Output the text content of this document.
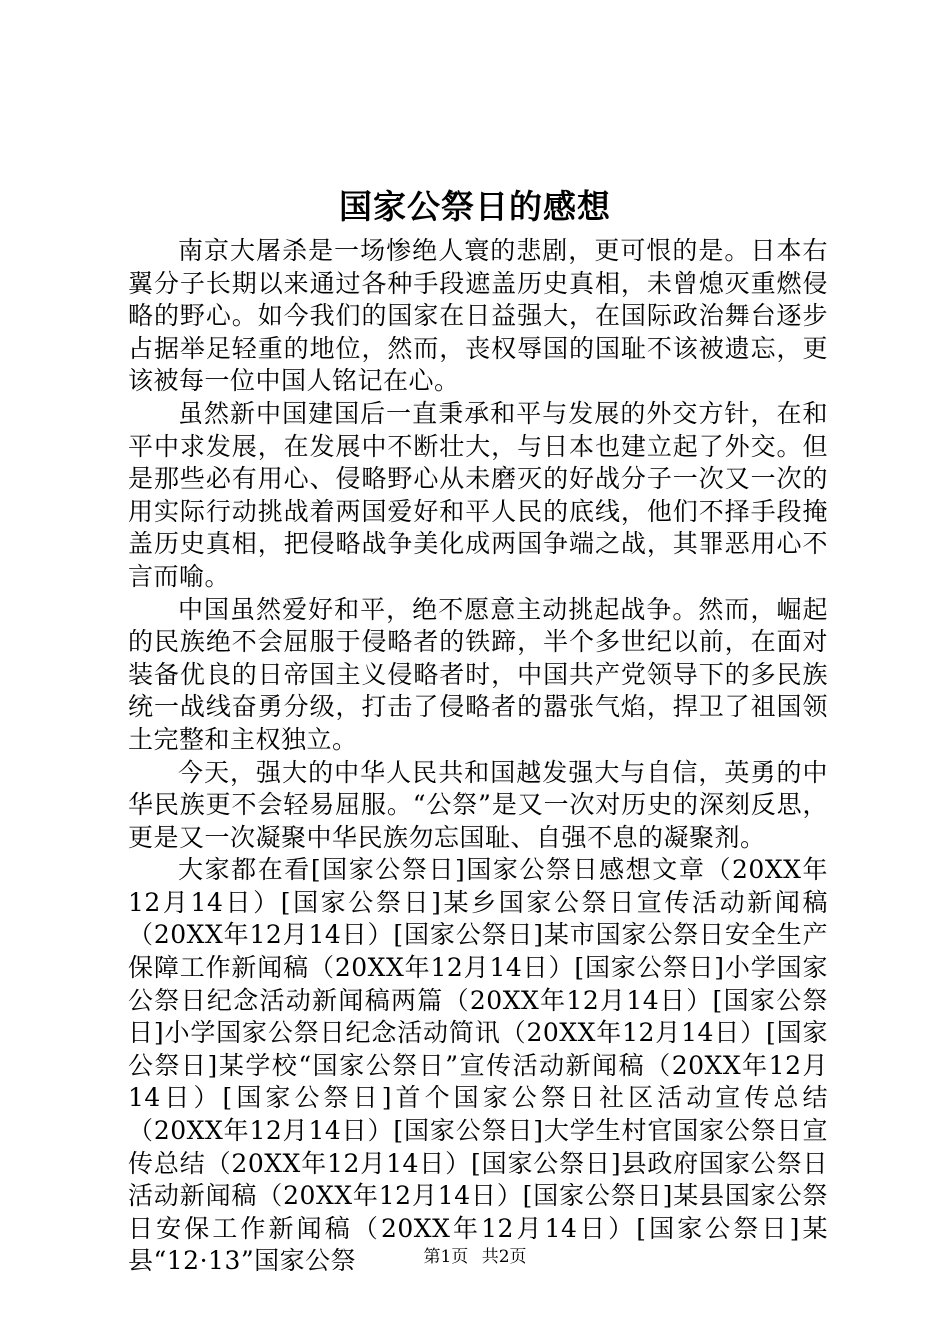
国家公祭日的感想

南京大屠杀是一场惨绝人寰的悲剧，更可恨的是。日本右翼分子长期以来通过各种手段遮盖历史真相，未曾熄灭重燃侵略的野心。如今我们的国家在日益强大，在国际政治舞台逐步占据举足轻重的地位，然而，丧权辱国的国耻不该被遗忘，更该被每一位中国人铭记在心。

虽然新中国建国后一直秉承和平与发展的外交方针，在和平中求发展，在发展中不断壮大，与日本也建立起了外交。但是那些必有用心、侵略野心从未磨灭的好战分子一次又一次的用实际行动挑战着两国爱好和平人民的底线，他们不择手段掩盖历史真相，把侵略战争美化成两国争端之战，其罪恶用心不言而喻。

中国虽然爱好和平，绝不愿意主动挑起战争。然而，崛起的民族绝不会屈服于侵略者的铁蹄，半个多世纪以前，在面对装备优良的日帝国主义侵略者时，中国共产党领导下的多民族统一战线奋勇分级，打击了侵略者的嚣张气焰，捍卫了祖国领土完整和主权独立。

今天，强大的中华人民共和国越发强大与自信，英勇的中华民族更不会轻易屈服。“公祭”是又一次对历史的深刻反思，更是又一次凝聚中华民族勿忘国耻、自强不息的凝聚剂。

大家都在看[国家公祭日]国家公祭日感想文章（20XX年12月14日）[国家公祭日]某乡国家公祭日宣传活动新闻稿（20XX年12月14日）[国家公祭日]某市国家公祭日安全生产保障工作新闻稿（20XX年12月14日）[国家公祭日]小学国家公祭日纪念活动新闻稿两篇（20XX年12月14日）[国家公祭日]小学国家公祭日纪念活动简讯（20XX年12月14日）[国家公祭日]某学校“国家公祭日”宣传活动新闻稿（20XX年12月14日）[国家公祭日]首个国家公祭日社区活动宣传总结（20XX年12月14日）[国家公祭日]大学生村官国家公祭日宣传总结（20XX年12月14日）[国家公祭日]县政府国家公祭日活动新闻稿（20XX年12月14日）[国家公祭日]某县国家公祭日安保工作新闻稿（20XX年12月14日）[国家公祭日]某县“12·13”国家公祭	第1页 共2页
